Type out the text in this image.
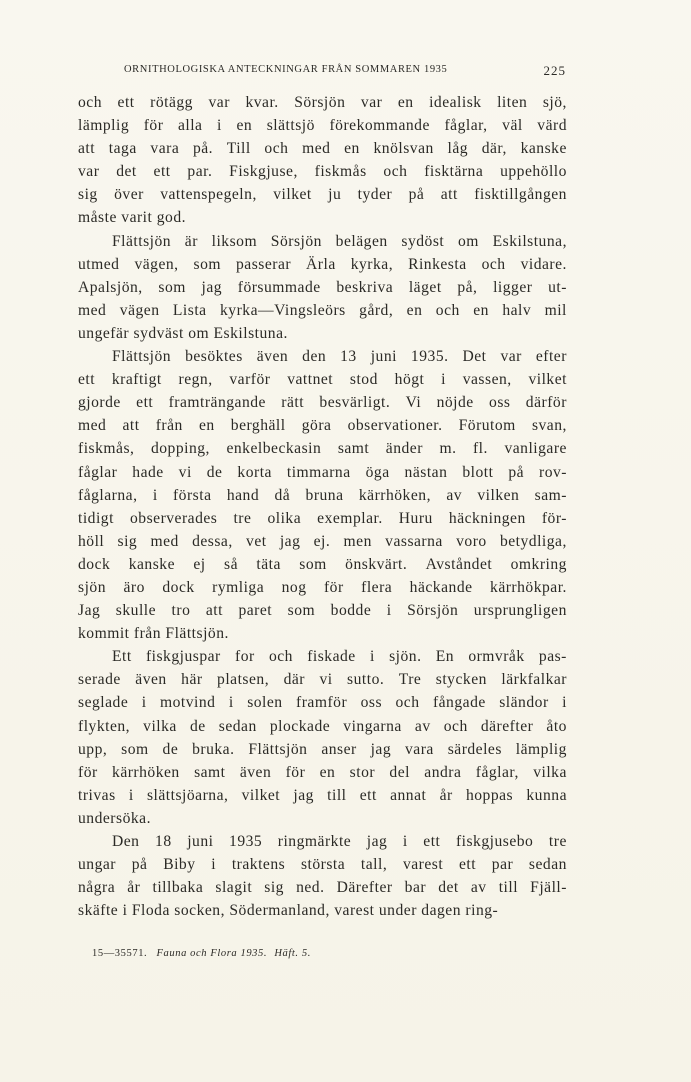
ORNITHOLOGISKA ANTECKNINGAR FRÅN SOMMAREN 1935	225
och ett rötägg var kvar. Sörsjön var en idealisk liten sjö,
lämplig för alla i en slättsjö förekommande fåglar, väl värd
att taga vara på. Till och med en knölsvan låg där, kanske
var det ett par. Fiskgjuse, fiskmås och fisktärna uppehöllo
sig över vattenspegeln, vilket ju tyder på att fisktillgången
måste varit god.
Flättsjön är liksom Sörsjön belägen sydöst om Eskilstuna,
utmed vägen, som passerar Ärla kyrka, Rinkesta och vidare.
Apalsjön, som jag försummade beskriva läget på, ligger ut-
med vägen Lista kyrka—Vingsleörs gård, en och en halv mil
ungefär sydväst om Eskilstuna.
Flättsjön besöktes även den 13 juni 1935. Det var efter
ett kraftigt regn, varför vattnet stod högt i vassen, vilket
gjorde ett framträngande rätt besvärligt. Vi nöjde oss därför
med att från en berghäll göra observationer. Förutom svan,
fiskmås, dopping, enkelbeckasin samt änder m. fl. vanligare
fåglar hade vi de korta timmarna öga nästan blott på rov-
fåglarna, i första hand då bruna kärrhöken, av vilken sam-
tidigt observerades tre olika exemplar. Huru häckningen för-
höll sig med dessa, vet jag ej. men vassarna voro betydliga,
dock kanske ej så täta som önskvärt. Avståndet omkring
sjön äro dock rymliga nog för flera häckande kärrhökpar.
Jag skulle tro att paret som bodde i Sörsjön ursprungligen
kommit från Flättsjön.
Ett fiskgjuspar for och fiskade i sjön. En ormvråk pas-
serade även här platsen, där vi sutto. Tre stycken lärkfalkar
seglade i motvind i solen framför oss och fångade sländor i
flykten, vilka de sedan plockade vingarna av och därefter åto
upp, som de bruka. Flättsjön anser jag vara särdeles lämplig
för kärrhöken samt även för en stor del andra fåglar, vilka
trivas i slättsjöarna, vilket jag till ett annat år hoppas kunna
undersöka.
Den 18 juni 1935 ringmärkte jag i ett fiskgjusebo tre
ungar på Biby i traktens största tall, varest ett par sedan
några år tillbaka slagit sig ned. Därefter bar det av till Fjäll-
skäfte i Floda socken, Södermanland, varest under dagen ring-
15—35571. Fauna och Flora 1935. Häft. 5.
